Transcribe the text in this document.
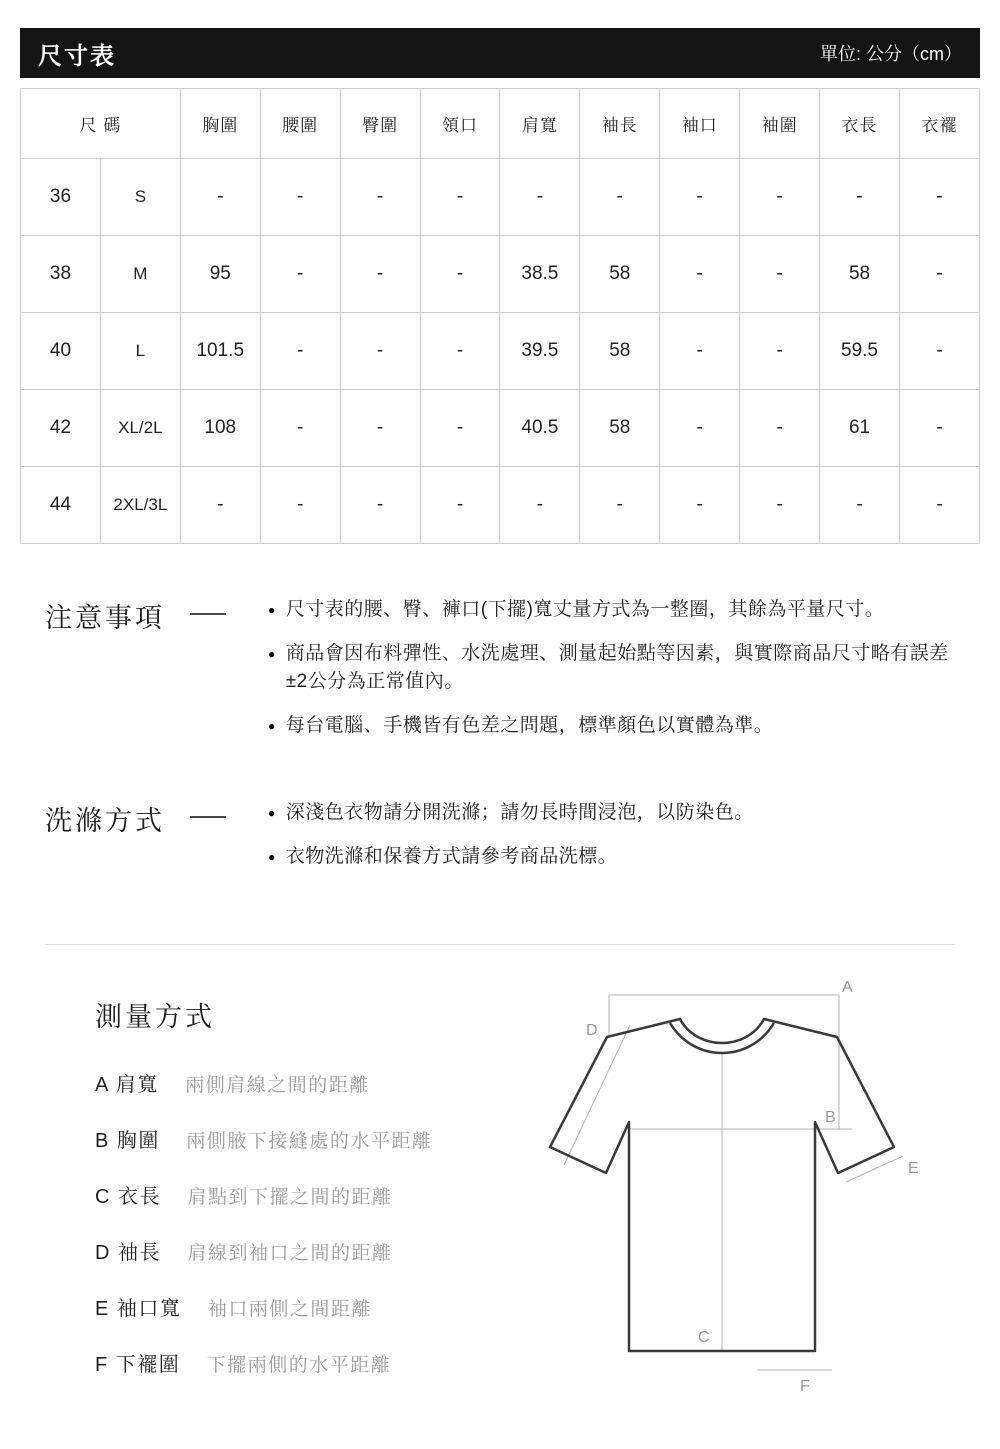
尺寸表	單位: 公分（cm）
尺 碼		胸圍	腰圍	臀圍	領口	肩寬	袖長	袖口	袖圍	衣長	衣襬
36	S	-	-	-	-	-	-	-	-	-	-
38	M	95	-	-	-	38.5	58	-	-	58	-
40	L	101.5	-	-	-	39.5	58	-	-	59.5	-
42	XL/2L	108	-	-	-	40.5	58	-	-	61	-
44	2XL/3L	-	-	-	-	-	-	-	-	-	-
注意事項	● 尺寸表的腰、臀、褲口(下擺)寬丈量方式為一整圈，其餘為平量尺寸。
● 商品會因布料彈性、水洗處理、測量起始點等因素，與實際商品尺寸略有誤差±2公分為正常值內。
● 每台電腦、手機皆有色差之問題，標準顏色以實體為準。
洗滌方式	● 深淺色衣物請分開洗滌；請勿長時間浸泡，以防染色。
● 衣物洗滌和保養方式請參考商品洗標。
測量方式
A 肩寬 兩側肩線之間的距離
B 胸圍 兩側腋下接縫處的水平距離
C 衣長 肩點到下擺之間的距離
D 袖長 肩線到袖口之間的距離
E 袖口寬 袖口兩側之間距離
F 下襬圍 下擺兩側的水平距離
A
B
C
D
E
F
